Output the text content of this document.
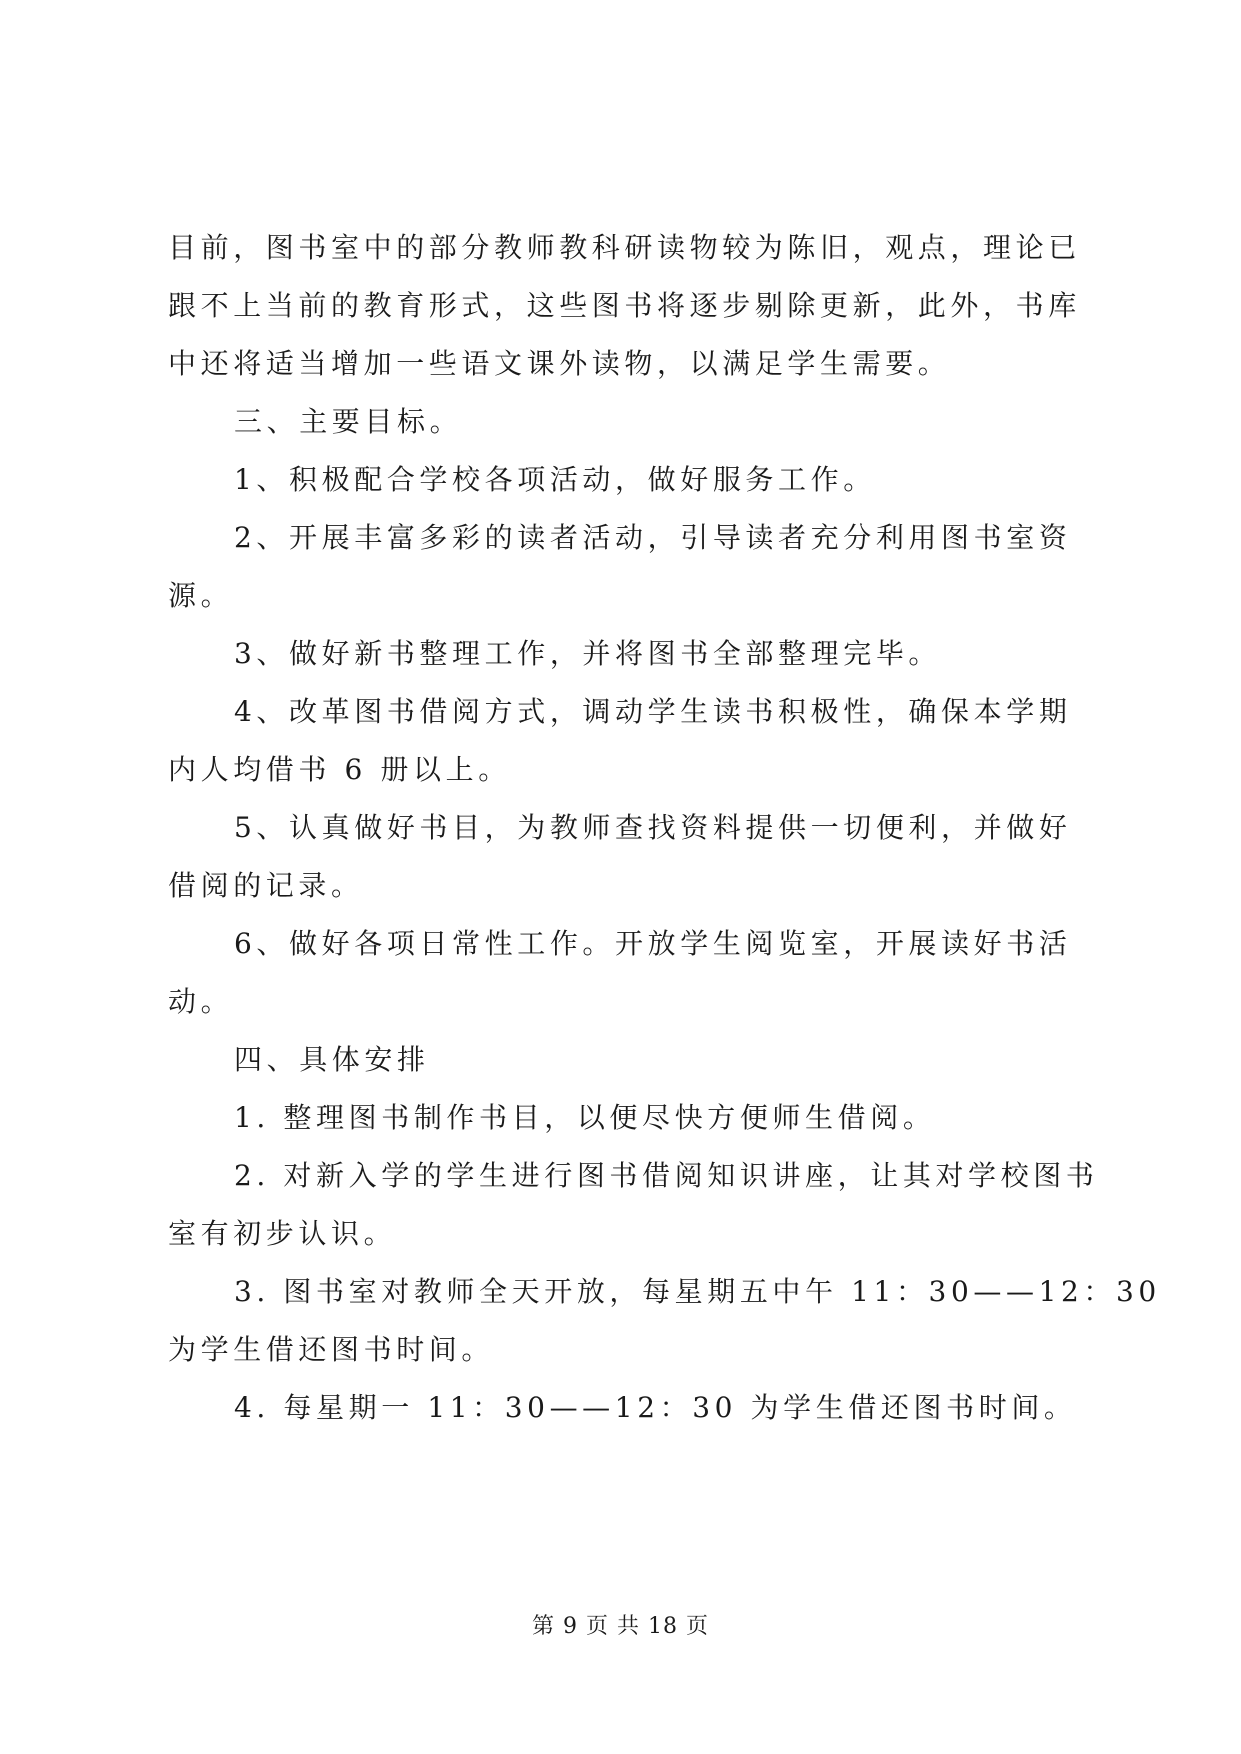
目前，图书室中的部分教师教科研读物较为陈旧，观点，理论已
跟不上当前的教育形式，这些图书将逐步剔除更新，此外，书库
中还将适当增加一些语文课外读物，以满足学生需要。
三、主要目标。
1、积极配合学校各项活动，做好服务工作。
2、开展丰富多彩的读者活动，引导读者充分利用图书室资
源。
3、做好新书整理工作，并将图书全部整理完毕。
4、改革图书借阅方式，调动学生读书积极性，确保本学期
内人均借书 6 册以上。
5、认真做好书目，为教师查找资料提供一切便利，并做好
借阅的记录。
6、做好各项日常性工作。开放学生阅览室，开展读好书活
动。
四、具体安排
1. 整理图书制作书目，以便尽快方便师生借阅。
2. 对新入学的学生进行图书借阅知识讲座，让其对学校图书
室有初步认识。
3. 图书室对教师全天开放，每星期五中午 11：30——12：30
为学生借还图书时间。
4. 每星期一 11：30——12：30 为学生借还图书时间。
第 9 页 共 18 页
